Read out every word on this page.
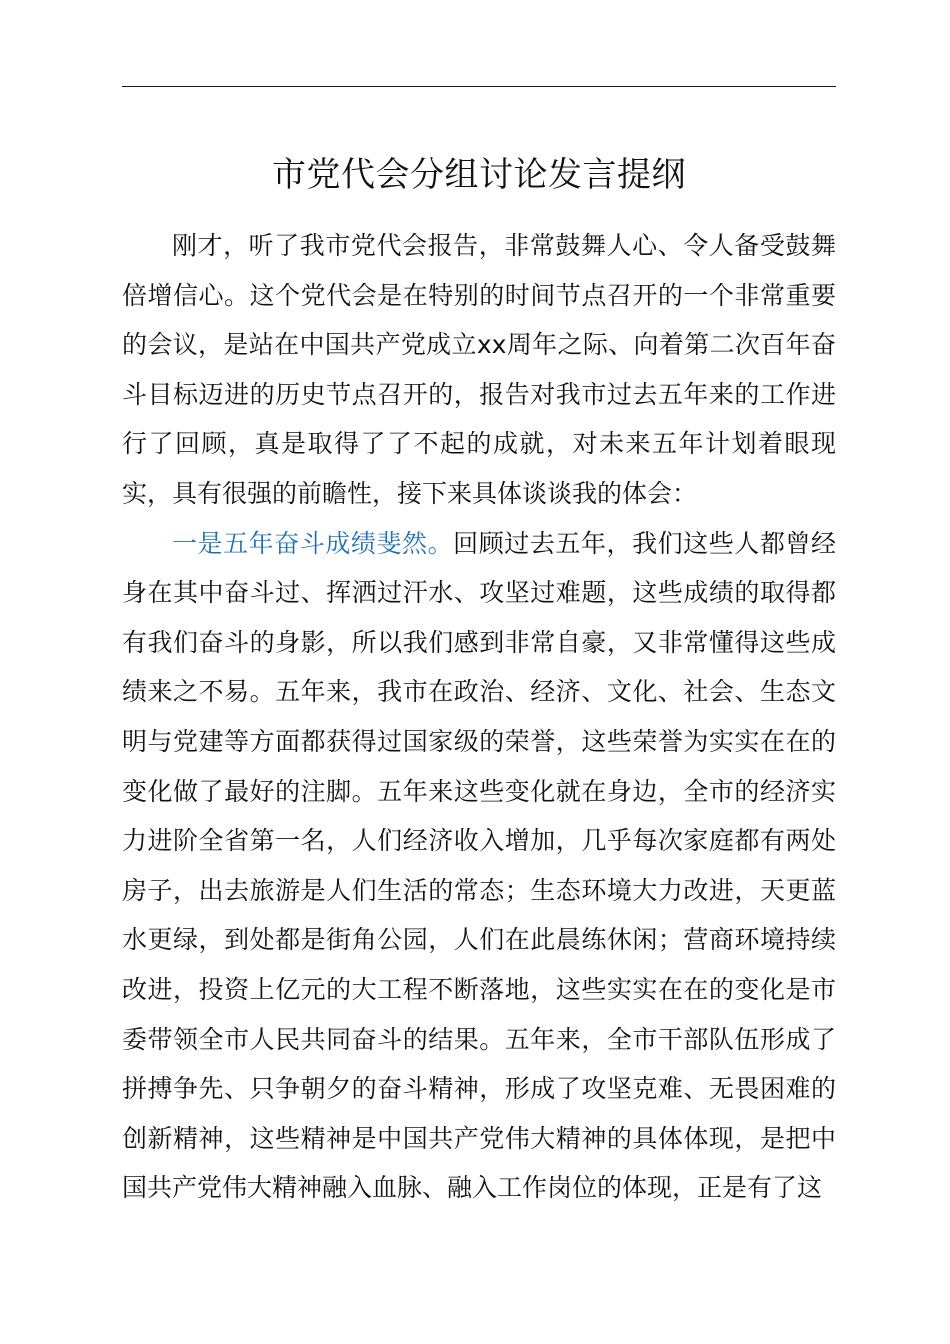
市党代会分组讨论发言提纲

刚才，听了我市党代会报告，非常鼓舞人心、令人备受鼓舞倍增信心。这个党代会是在特别的时间节点召开的一个非常重要的会议，是站在中国共产党成立xx周年之际、向着第二次百年奋斗目标迈进的历史节点召开的，报告对我市过去五年来的工作进行了回顾，真是取得了了不起的成就，对未来五年计划着眼现实，具有很强的前瞻性，接下来具体谈谈我的体会：

一是五年奋斗成绩斐然。回顾过去五年，我们这些人都曾经身在其中奋斗过、挥洒过汗水、攻坚过难题，这些成绩的取得都有我们奋斗的身影，所以我们感到非常自豪，又非常懂得这些成绩来之不易。五年来，我市在政治、经济、文化、社会、生态文明与党建等方面都获得过国家级的荣誉，这些荣誉为实实在在的变化做了最好的注脚。五年来这些变化就在身边，全市的经济实力进阶全省第一名，人们经济收入增加，几乎每次家庭都有两处房子，出去旅游是人们生活的常态；生态环境大力改进，天更蓝水更绿，到处都是街角公园，人们在此晨练休闲；营商环境持续改进，投资上亿元的大工程不断落地，这些实实在在的变化是市委带领全市人民共同奋斗的结果。五年来，全市干部队伍形成了拼搏争先、只争朝夕的奋斗精神，形成了攻坚克难、无畏困难的创新精神，这些精神是中国共产党伟大精神的具体体现，是把中国共产党伟大精神融入血脉、融入工作岗位的体现，正是有了这
